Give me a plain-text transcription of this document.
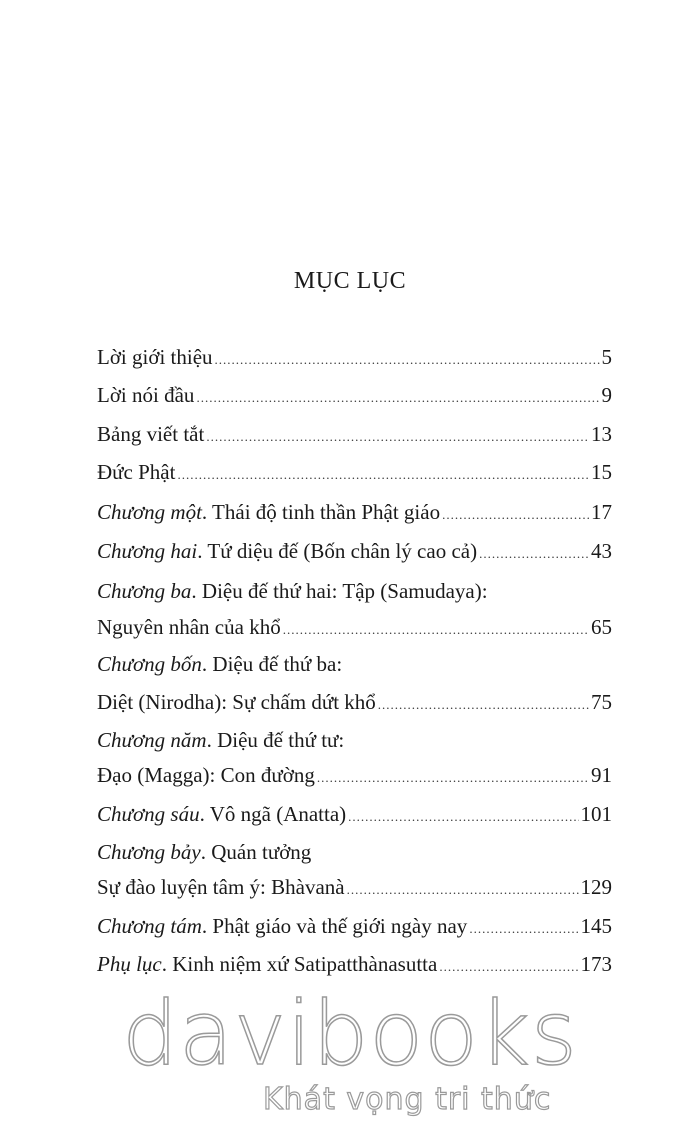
MỤC LỤC
Lời giới thiệu .....	5
Lời nói đầu .....	9
Bảng viết tắt .....	13
Đức Phật .....	15
Chương một. Thái độ tinh thần Phật giáo .....	17
Chương hai. Tứ diệu đế (Bốn chân lý cao cả) .....	43
Chương ba. Diệu đế thứ hai: Tập (Samudaya):
Nguyên nhân của khổ .....	65
Chương bốn. Diệu đế thứ ba:
Diệt (Nirodha): Sự chấm dứt khổ .....	75
Chương năm. Diệu đế thứ tư:
Đạo (Magga): Con đường .....	91
Chương sáu. Vô ngã (Anatta) .....	101
Chương bảy. Quán tưởng
Sự đào luyện tâm ý: Bhàvanà .....	129
Chương tám. Phật giáo và thế giới ngày nay .....	145
Phụ lục. Kinh niệm xứ Satipatthànasutta .....	173
davibooks
Khát vọng tri thức
